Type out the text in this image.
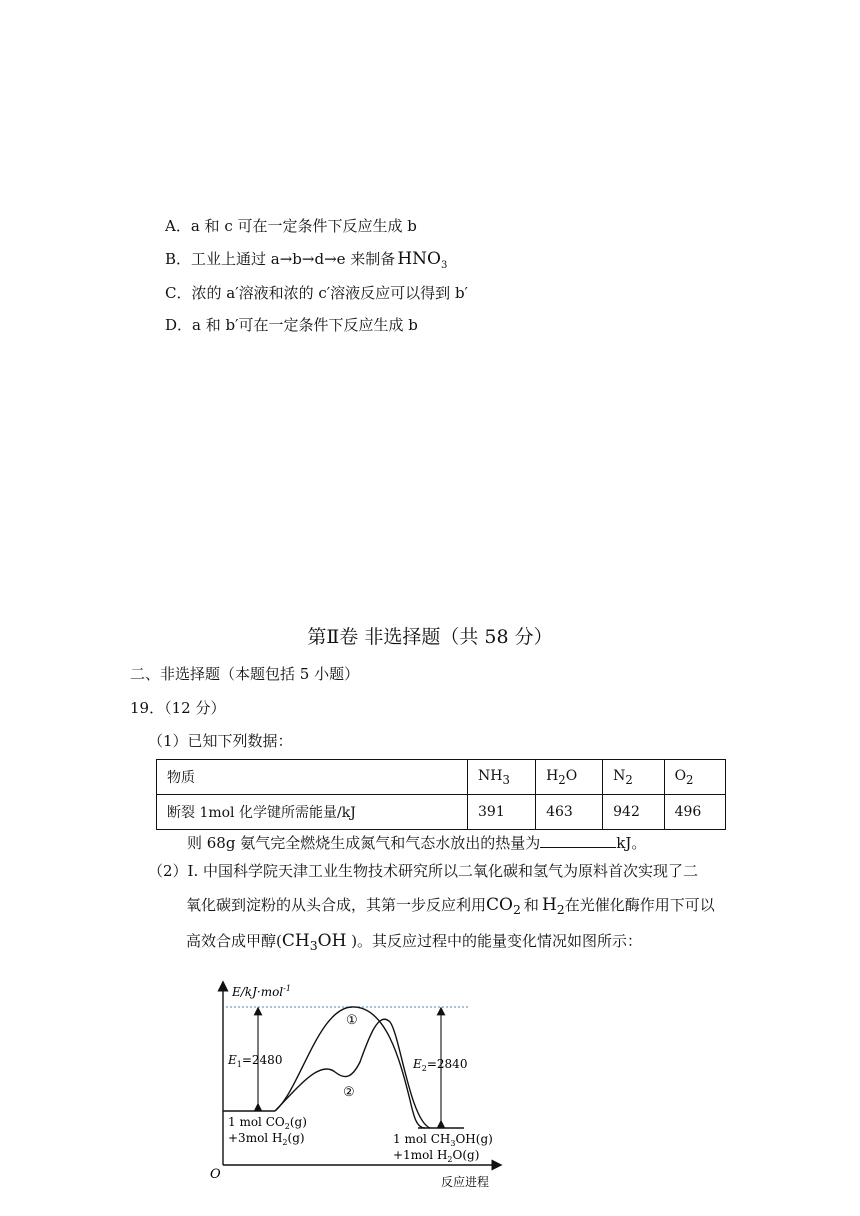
A．a 和 c 可在一定条件下反应生成 b
B．工业上通过 a→b→d→e 来制备 $HNO_3$
C．浓的 a′溶液和浓的 c′溶液反应可以得到 b′
D．a 和 b′可在一定条件下反应生成 b
第Ⅱ卷 非选择题（共 58 分）
二、非选择题（本题包括 5 小题）
19．（12 分）
（1）已知下列数据：
物质	$NH_3$	$H_2O$	$N_2$	$O_2$
断裂 1mol 化学键所需能量/kJ	391	463	942	496
则 68g 氨气完全燃烧生成氮气和气态水放出的热量为	kJ。
（2）I. 中国科学院天津工业生物技术研究所以二氧化碳和氢气为原料首次实现了二
氧化碳到淀粉的从头合成，其第一步反应利用$CO_2$ 和 $H_2$在光催化酶作用下可以
高效合成甲醇($CH_3OH$ )。其反应过程中的能量变化情况如图所示：
E/kJ·mol$^{-1}$
O	反应进程
$E_1=2480$	$E_2=2840$
①
②
1 mol $CO_2(g)$
+3mol $H_2(g)$	1 mol $CH_3OH(g)$
+1mol $H_2O(g)$
